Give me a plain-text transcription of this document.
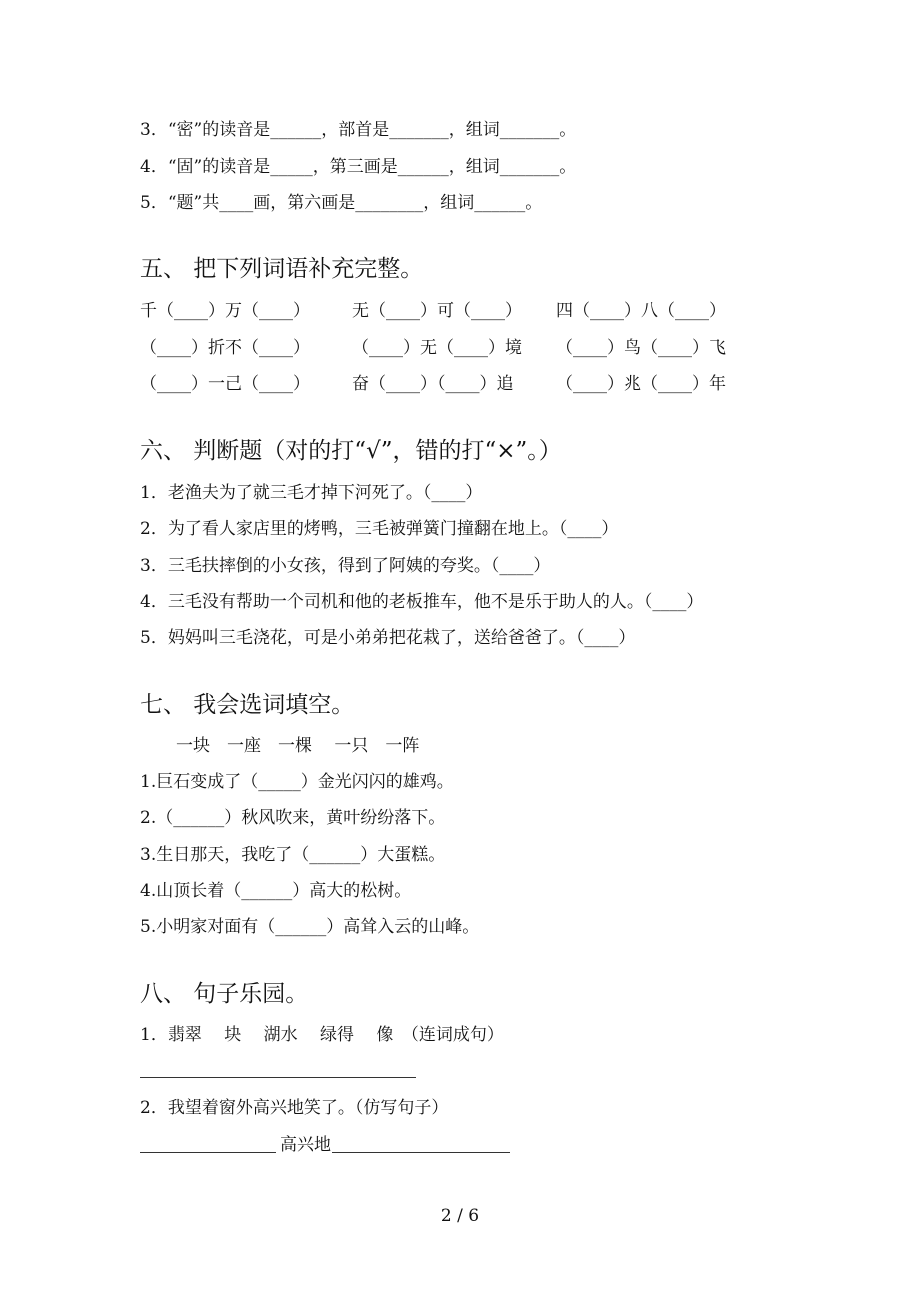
3．“密”的读音是______，部首是_______，组词_______。
4．“固”的读音是_____，第三画是______，组词_______。
5．“题”共____画，第六画是________，组词______。
五、 把下列词语补充完整。
千（____）万（____） 无（____）可（____） 四（____）八（____）
（____）折不（____） （____）无（____）境 （____）鸟（____）飞
（____）一己（____） 奋（____）（____）追	（____）兆（____）年
六、 判断题（对的打“√”，错的打“×”。）
1．老渔夫为了就三毛才掉下河死了。（____）
2．为了看人家店里的烤鸭，三毛被弹簧门撞翻在地上。（____）
3．三毛扶摔倒的小女孩，得到了阿姨的夸奖。（____）
4．三毛没有帮助一个司机和他的老板推车，他不是乐于助人的人。（____）
5．妈妈叫三毛浇花，可是小弟弟把花栽了，送给爸爸了。（____）
七、 我会选词填空。
一块　一座　一棵　 一只　一阵
1.巨石变成了（_____）金光闪闪的雄鸡。
2.（______）秋风吹来，黄叶纷纷落下。
3.生日那天，我吃了（______）大蛋糕。
4.山顶长着（______）高大的松树。
5.小明家对面有（______）高耸入云的山峰。
八、 句子乐园。
1．翡翠　 块　 湖水　 绿得　 像　（连词成句）
2．我望着窗外高兴地笑了。（仿写句子）
高兴地
2 / 6
